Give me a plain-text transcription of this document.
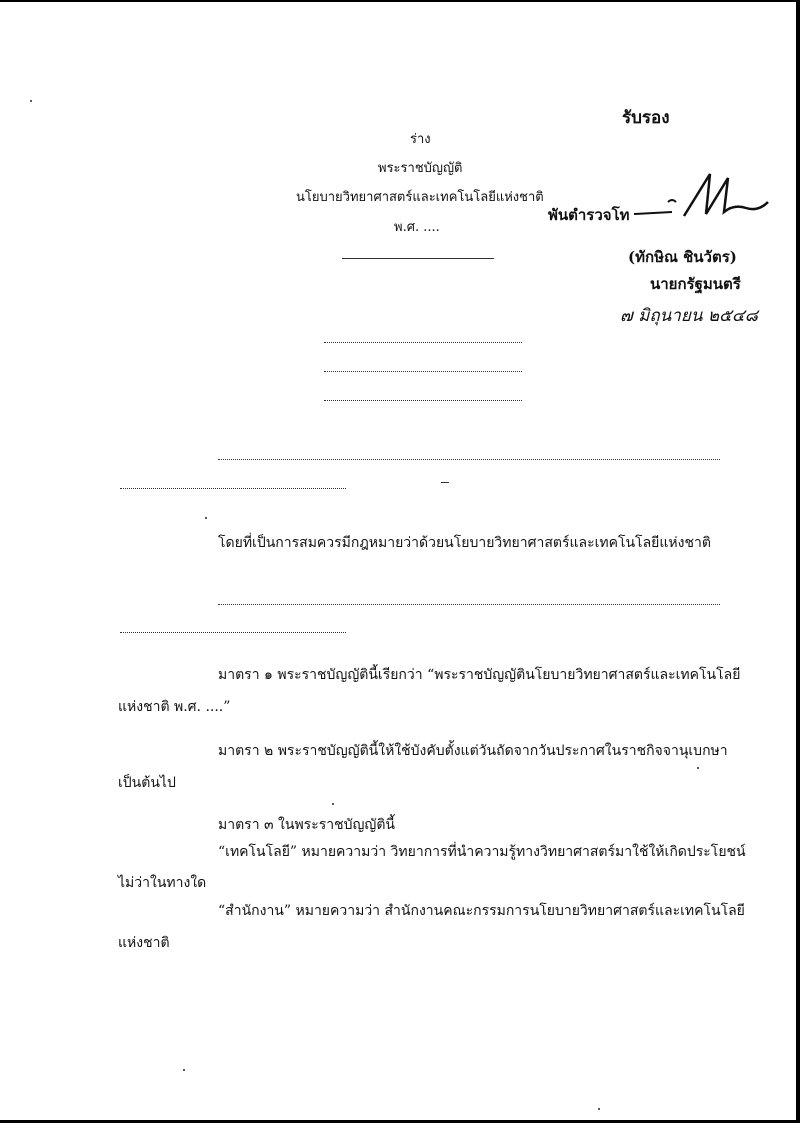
รับรอง
พันตำรวจโท
(ทักษิณ ชินวัตร)
นายกรัฐมนตรี
๗ มิถุนายน ๒๕๔๘
ร่าง
พระราชบัญญัติ
นโยบายวิทยาศาสตร์และเทคโนโลยีแห่งชาติ
พ.ศ. ....
โดยที่เป็นการสมควรมีกฎหมายว่าด้วยนโยบายวิทยาศาสตร์และเทคโนโลยีแห่งชาติ
มาตรา ๑ พระราชบัญญัตินี้เรียกว่า “พระราชบัญญัตินโยบายวิทยาศาสตร์และเทคโนโลยี
แห่งชาติ พ.ศ. ....”
มาตรา ๒ พระราชบัญญัตินี้ให้ใช้บังคับตั้งแต่วันถัดจากวันประกาศในราชกิจจานุเบกษา
เป็นต้นไป
มาตรา ๓ ในพระราชบัญญัตินี้
“เทคโนโลยี” หมายความว่า วิทยาการที่นำความรู้ทางวิทยาศาสตร์มาใช้ให้เกิดประโยชน์
ไม่ว่าในทางใด
“สำนักงาน” หมายความว่า สำนักงานคณะกรรมการนโยบายวิทยาศาสตร์และเทคโนโลยี
แห่งชาติ
